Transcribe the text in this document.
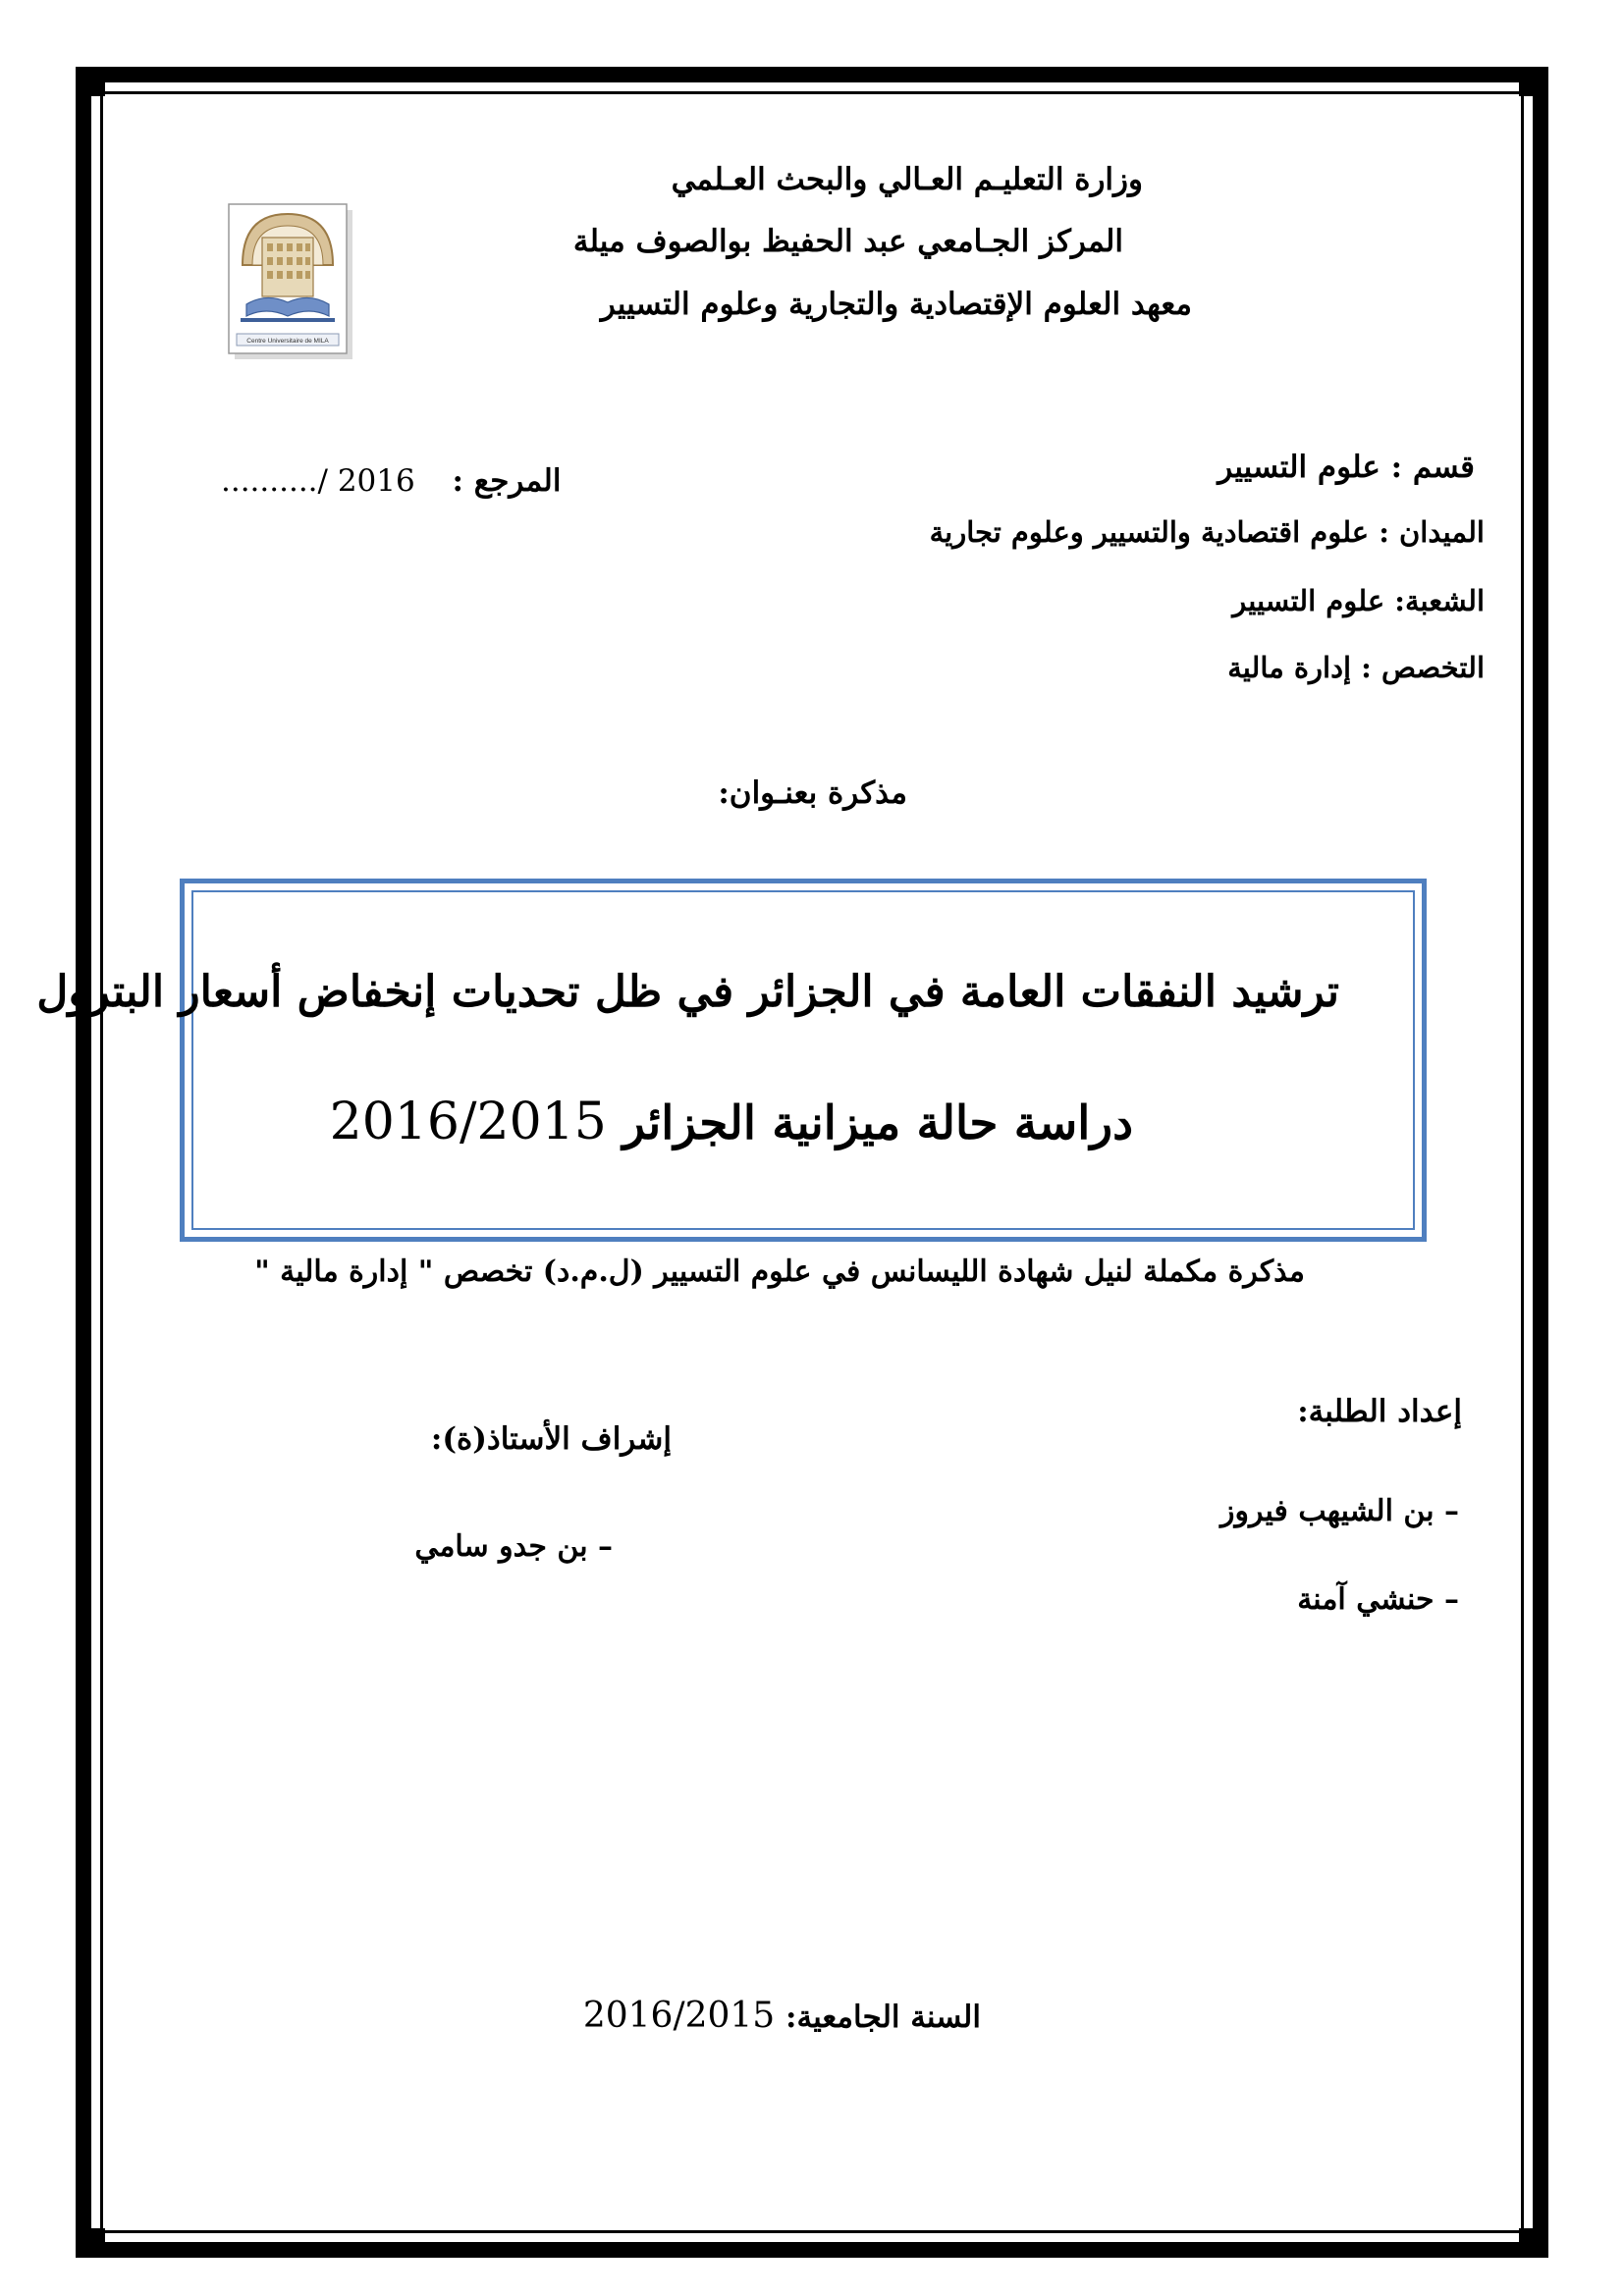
وزارة التعليـم العـالي والبحث العـلمي
المركز الجـامعي عبد الحفيظ بوالصوف ميلة
معهد العلوم الإقتصادية والتجارية وعلوم التسيير
Centre Universitaire de MILA
قسم : علوم التسيير
الميدان : علوم اقتصادية والتسيير وعلوم تجارية
الشعبة: علوم التسيير
التخصص : إدارة مالية
المرجع :  ........../ 2016
مذكرة بعنـوان:
ترشيد النفقات العامة في الجزائر في ظل تحديات إنخفاض أسعار البترول
دراسة حالة ميزانية الجزائر 2016/2015
مذكرة مكملة لنيل شهادة الليسانس في علوم التسيير (ل.م.د) تخصص " إدارة مالية "
إعداد الطلبة:
– بن الشيهب فيروز
– حنشي آمنة
إشراف الأستاذ(ة):
– بن جدو سامي
السنة الجامعية: 2016/2015
